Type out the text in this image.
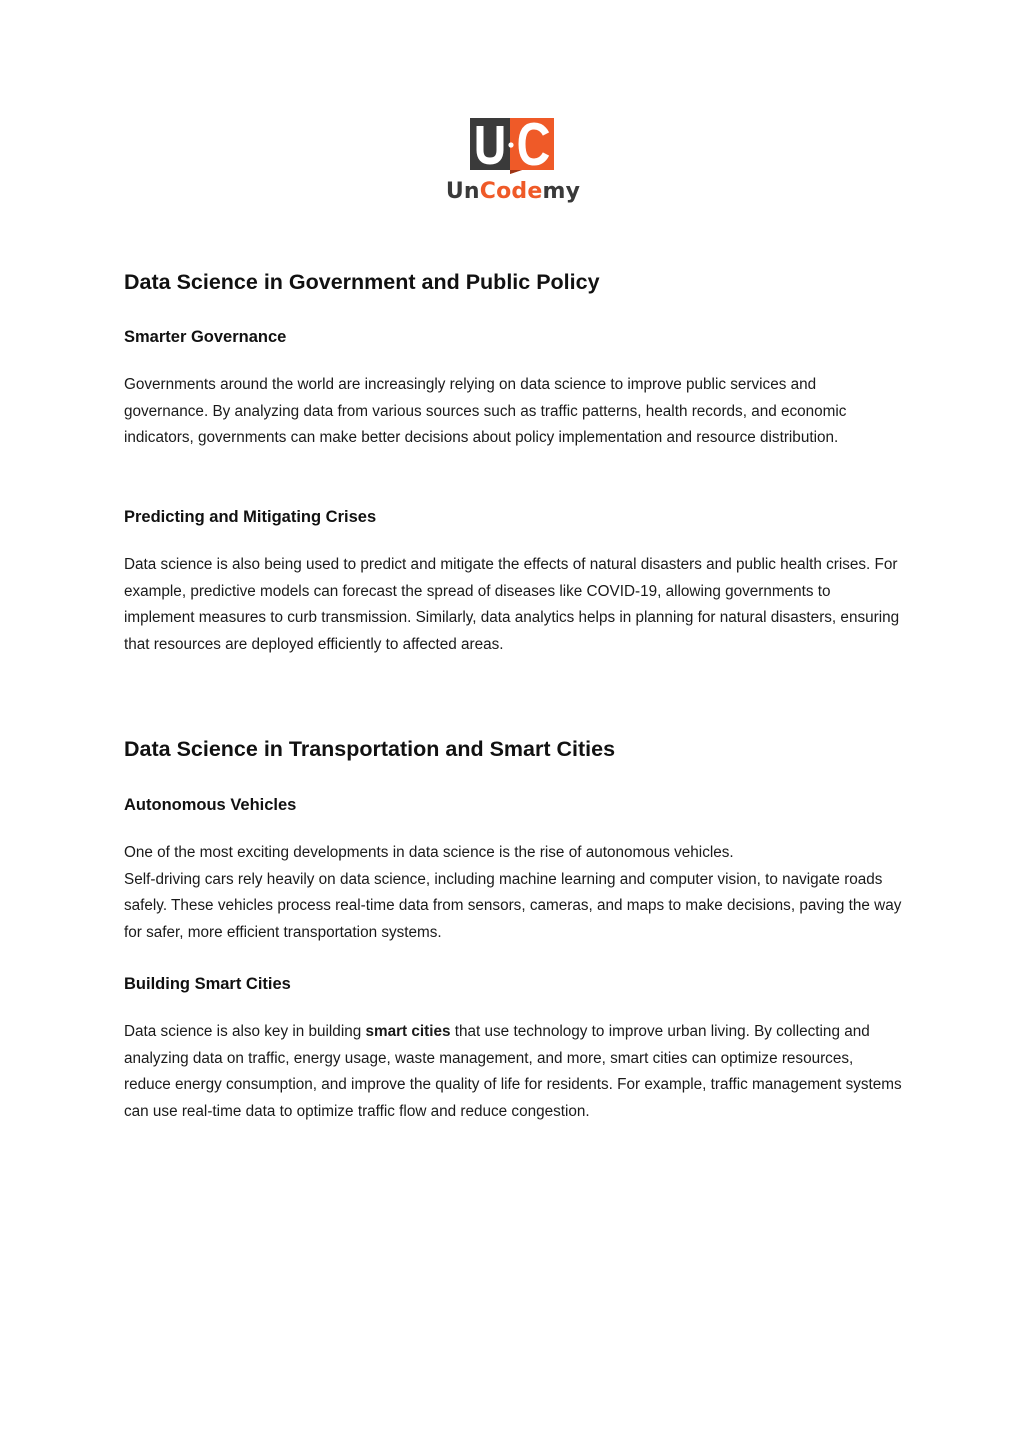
UnCodemy
Data Science in Government and Public Policy
Smarter Governance

Governments around the world are increasingly relying on data science to improve public services and governance. By analyzing data from various sources such as traffic patterns, health records, and economic indicators, governments can make better decisions about policy implementation and resource distribution.

Predicting and Mitigating Crises

Data science is also being used to predict and mitigate the effects of natural disasters and public health crises. For example, predictive models can forecast the spread of diseases like COVID-19, allowing governments to implement measures to curb transmission. Similarly, data analytics helps in planning for natural disasters, ensuring that resources are deployed efficiently to affected areas.

Data Science in Transportation and Smart Cities
Autonomous Vehicles

One of the most exciting developments in data science is the rise of autonomous vehicles.
Self-driving cars rely heavily on data science, including machine learning and computer vision, to navigate roads safely. These vehicles process real-time data from sensors, cameras, and maps to make decisions, paving the way for safer, more efficient transportation systems.

Building Smart Cities

Data science is also key in building smart cities that use technology to improve urban living. By collecting and analyzing data on traffic, energy usage, waste management, and more, smart cities can optimize resources, reduce energy consumption, and improve the quality of life for residents. For example, traffic management systems can use real-time data to optimize traffic flow and reduce congestion.
